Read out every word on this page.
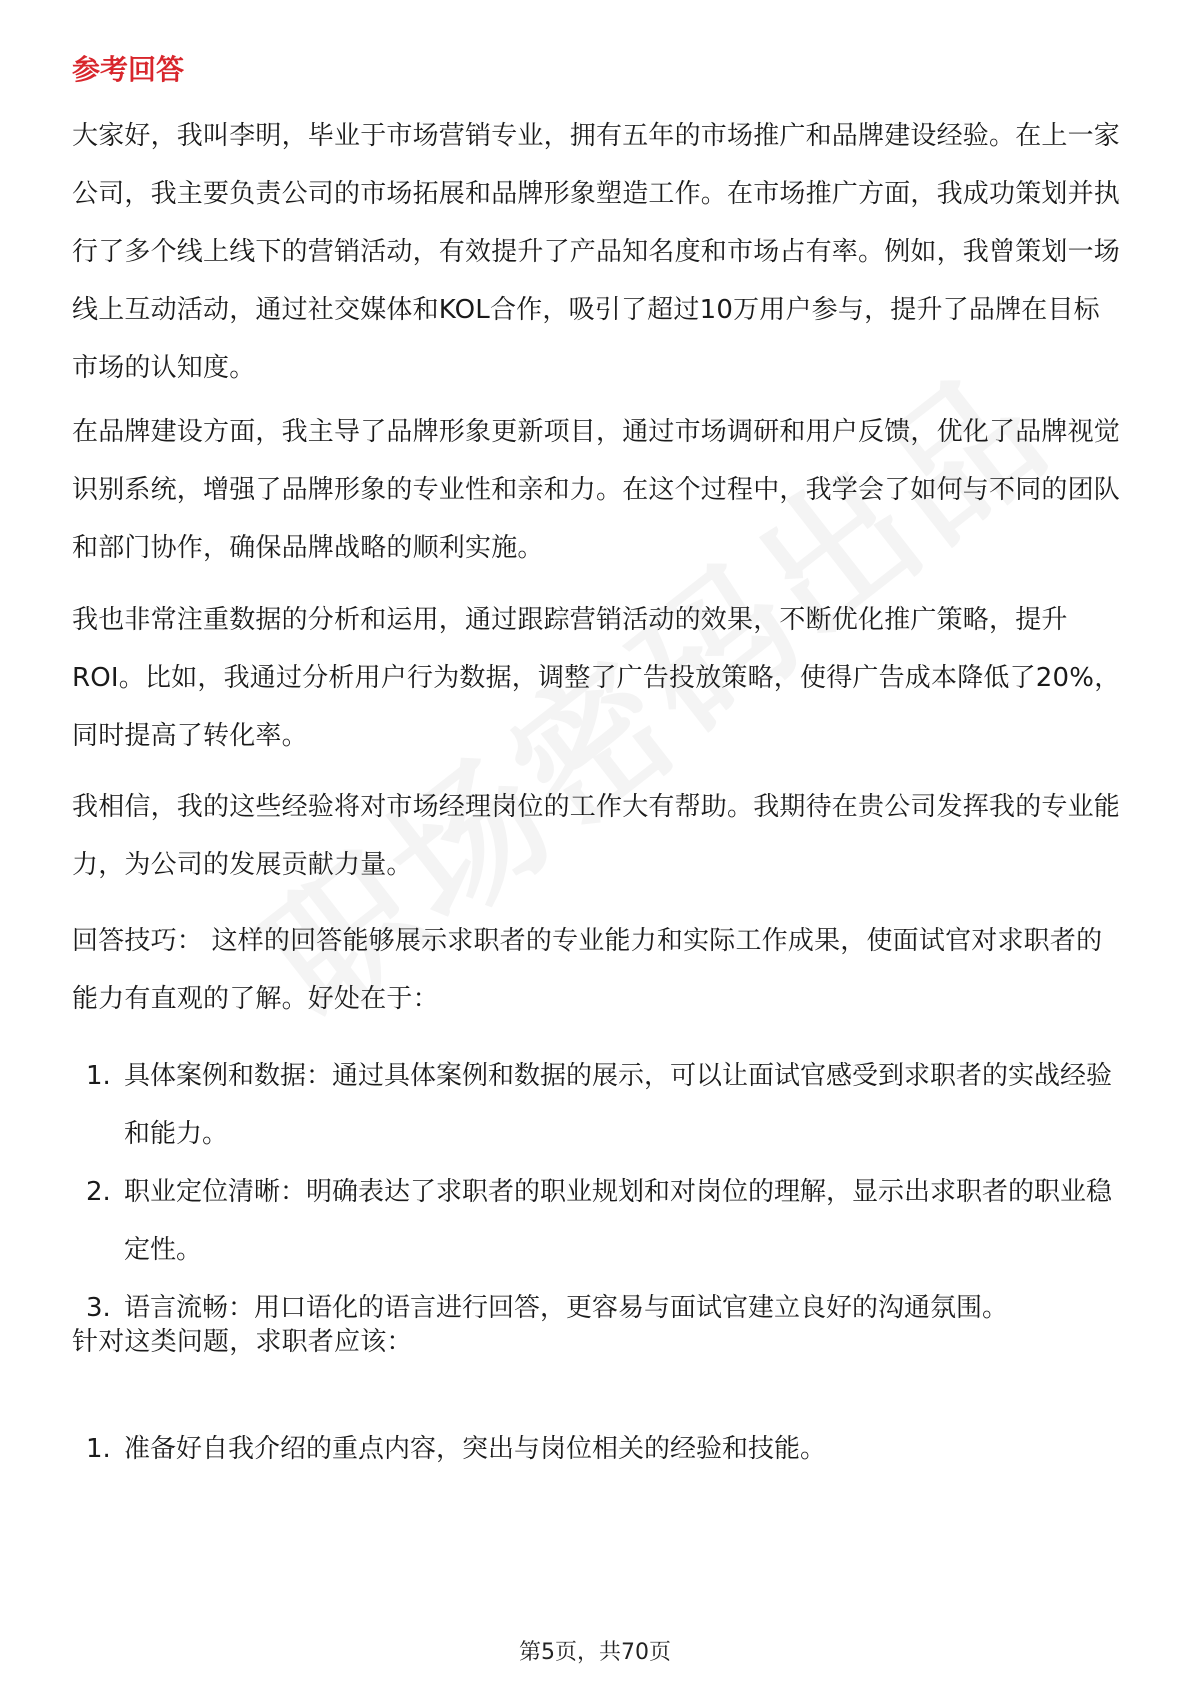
参考回答

大家好，我叫李明，毕业于市场营销专业，拥有五年的市场推广和品牌建设经验。在上一家公司，我主要负责公司的市场拓展和品牌形象塑造工作。在市场推广方面，我成功策划并执行了多个线上线下的营销活动，有效提升了产品知名度和市场占有率。例如，我曾策划一场线上互动活动，通过社交媒体和KOL合作，吸引了超过10万用户参与，提升了品牌在目标市场的认知度。

在品牌建设方面，我主导了品牌形象更新项目，通过市场调研和用户反馈，优化了品牌视觉识别系统，增强了品牌形象的专业性和亲和力。在这个过程中，我学会了如何与不同的团队和部门协作，确保品牌战略的顺利实施。

我也非常注重数据的分析和运用，通过跟踪营销活动的效果，不断优化推广策略，提升ROI。比如，我通过分析用户行为数据，调整了广告投放策略，使得广告成本降低了20%，同时提高了转化率。

我相信，我的这些经验将对市场经理岗位的工作大有帮助。我期待在贵公司发挥我的专业能力，为公司的发展贡献力量。

回答技巧： 这样的回答能够展示求职者的专业能力和实际工作成果，使面试官对求职者的能力有直观的了解。好处在于：

1. 具体案例和数据：通过具体案例和数据的展示，可以让面试官感受到求职者的实战经验和能力。
2. 职业定位清晰：明确表达了求职者的职业规划和对岗位的理解，显示出求职者的职业稳定性。
3. 语言流畅：用口语化的语言进行回答，更容易与面试官建立良好的沟通氛围。

针对这类问题，求职者应该：

1. 准备好自我介绍的重点内容，突出与岗位相关的经验和技能。
第5页，共70页
